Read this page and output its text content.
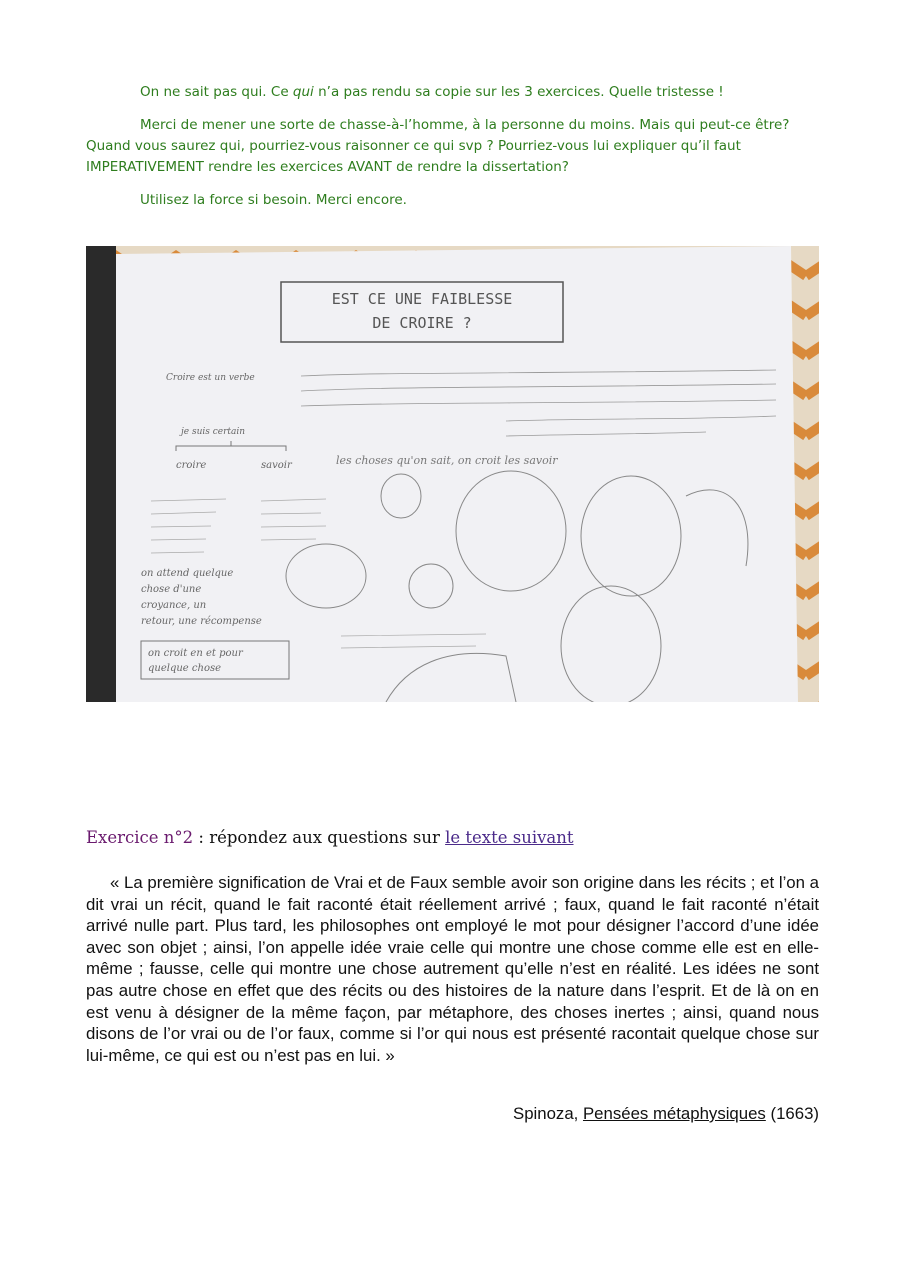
On ne sait pas qui. Ce qui n’a pas rendu sa copie sur les 3 exercices. Quelle tristesse !

Merci de mener une sorte de chasse-à-l’homme, à la personne du moins. Mais qui peut-ce être? Quand vous saurez qui, pourriez-vous raisonner ce qui svp ? Pourriez-vous lui expliquer qu’il faut IMPERATIVEMENT rendre les exercices AVANT de rendre la dissertation?

Utilisez la force si besoin. Merci encore.

EST CE UNE FAIBLESSE
DE CROIRE ?
Croire est un verbe
je suis certain
croire	savoir	les choses qu'on sait, on croit les savoir
on attend quelque chose d'une croyance, un retour, une récompense
on croit en et pour quelque chose
Exercice n°2 : répondez aux questions sur le texte suivant
« La première signification de Vrai et de Faux semble avoir son origine dans les récits ; et l’on a dit vrai un récit, quand le fait raconté était réellement arrivé ; faux, quand le fait raconté n’était arrivé nulle part. Plus tard, les philosophes ont employé le mot pour désigner l’accord d’une idée avec son objet ; ainsi, l’on appelle idée vraie celle qui montre une chose comme elle est en elle-même ; fausse, celle qui montre une chose autrement qu’elle n’est en réalité. Les idées ne sont pas autre chose en effet que des récits ou des histoires de la nature dans l’esprit. Et de là on en est venu à désigner de la même façon, par métaphore, des choses inertes ; ainsi, quand nous disons de l’or vrai ou de l’or faux, comme si l’or qui nous est présenté racontait quelque chose sur lui-même, ce qui est ou n’est pas en lui. »
Spinoza, Pensées métaphysiques (1663)
